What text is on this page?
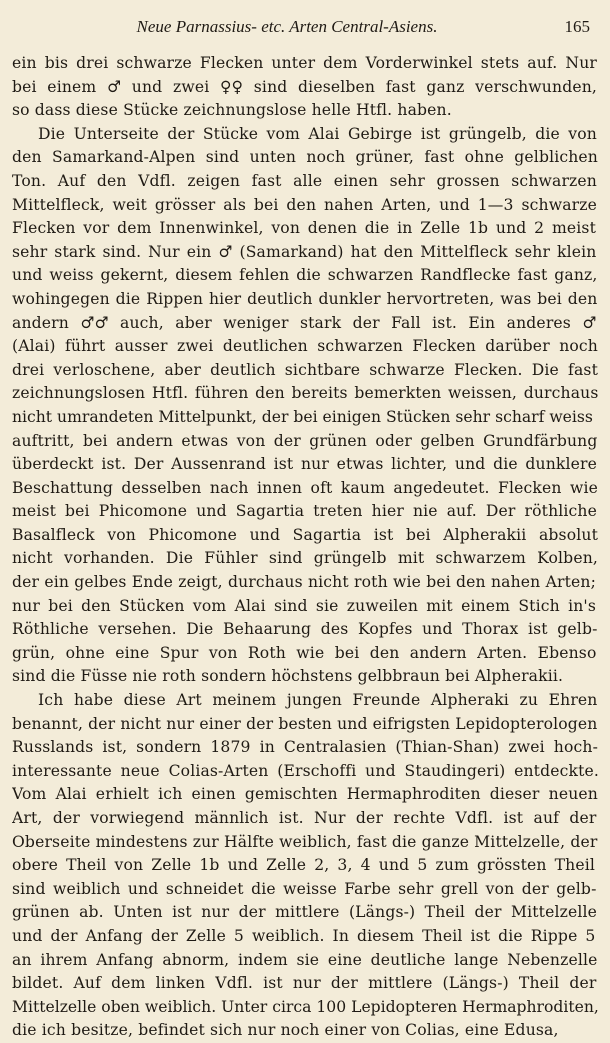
Neue Parnassius- etc. Arten Central-Asiens.	165
ein bis drei schwarze Flecken unter dem Vorderwinkel stets auf. Nur
bei einem ♂ und zwei ♀♀ sind dieselben fast ganz verschwunden,
so dass diese Stücke zeichnungslose helle Htfl. haben.
Die Unterseite der Stücke vom Alai Gebirge ist grüngelb, die von
den Samarkand-Alpen sind unten noch grüner, fast ohne gelblichen
Ton. Auf den Vdfl. zeigen fast alle einen sehr grossen schwarzen
Mittelfleck, weit grösser als bei den nahen Arten, und 1—3 schwarze
Flecken vor dem Innenwinkel, von denen die in Zelle 1b und 2 meist
sehr stark sind. Nur ein ♂ (Samarkand) hat den Mittelfleck sehr klein
und weiss gekernt, diesem fehlen die schwarzen Randflecke fast ganz,
wohingegen die Rippen hier deutlich dunkler hervortreten, was bei den
andern ♂♂ auch, aber weniger stark der Fall ist. Ein anderes ♂
(Alai) führt ausser zwei deutlichen schwarzen Flecken darüber noch
drei verloschene, aber deutlich sichtbare schwarze Flecken. Die fast
zeichnungslosen Htfl. führen den bereits bemerkten weissen, durchaus
nicht umrandeten Mittelpunkt, der bei einigen Stücken sehr scharf weiss
auftritt, bei andern etwas von der grünen oder gelben Grundfärbung
überdeckt ist. Der Aussenrand ist nur etwas lichter, und die dunklere
Beschattung desselben nach innen oft kaum angedeutet. Flecken wie
meist bei Phicomone und Sagartia treten hier nie auf. Der röthliche
Basalfleck von Phicomone und Sagartia ist bei Alpherakii absolut
nicht vorhanden. Die Fühler sind grüngelb mit schwarzem Kolben,
der ein gelbes Ende zeigt, durchaus nicht roth wie bei den nahen Arten;
nur bei den Stücken vom Alai sind sie zuweilen mit einem Stich in's
Röthliche versehen. Die Behaarung des Kopfes und Thorax ist gelb-
grün, ohne eine Spur von Roth wie bei den andern Arten. Ebenso
sind die Füsse nie roth sondern höchstens gelbbraun bei Alpherakii.
Ich habe diese Art meinem jungen Freunde Alpheraki zu Ehren
benannt, der nicht nur einer der besten und eifrigsten Lepidopterologen
Russlands ist, sondern 1879 in Centralasien (Thian-Shan) zwei hoch-
interessante neue Colias-Arten (Erschoffi und Staudingeri) entdeckte.
Vom Alai erhielt ich einen gemischten Hermaphroditen dieser neuen
Art, der vorwiegend männlich ist. Nur der rechte Vdfl. ist auf der
Oberseite mindestens zur Hälfte weiblich, fast die ganze Mittelzelle, der
obere Theil von Zelle 1b und Zelle 2, 3, 4 und 5 zum grössten Theil
sind weiblich und schneidet die weisse Farbe sehr grell von der gelb-
grünen ab. Unten ist nur der mittlere (Längs-) Theil der Mittelzelle
und der Anfang der Zelle 5 weiblich. In diesem Theil ist die Rippe 5
an ihrem Anfang abnorm, indem sie eine deutliche lange Nebenzelle
bildet. Auf dem linken Vdfl. ist nur der mittlere (Längs-) Theil der
Mittelzelle oben weiblich. Unter circa 100 Lepidopteren Hermaphroditen,
die ich besitze, befindet sich nur noch einer von Colias, eine Edusa,
